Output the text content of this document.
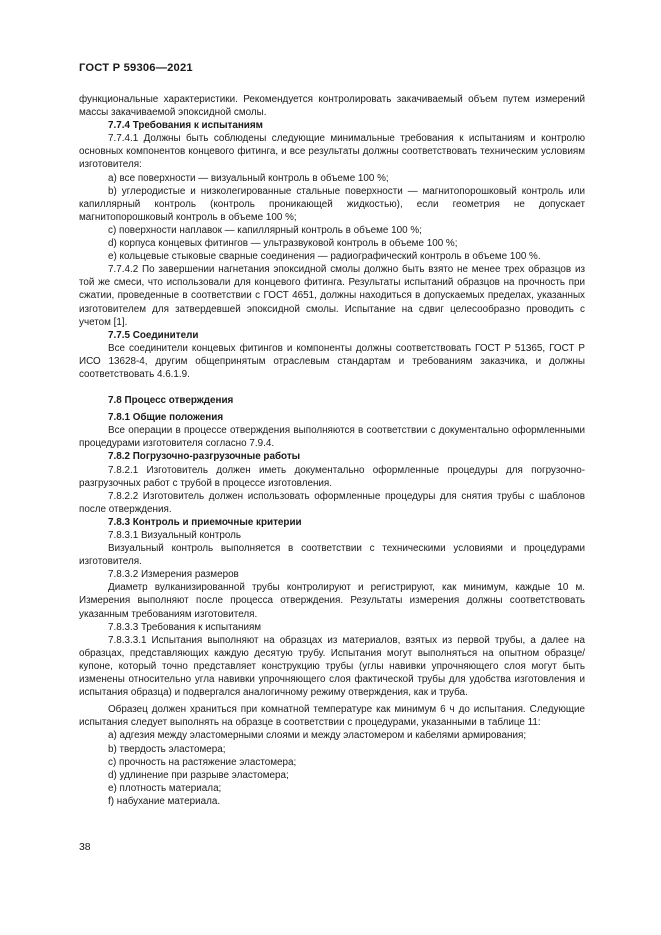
ГОСТ Р 59306—2021
функциональные характеристики. Рекомендуется контролировать закачиваемый объем путем измерений массы закачиваемой эпоксидной смолы.
7.7.4 Требования к испытаниям
7.7.4.1 Должны быть соблюдены следующие минимальные требования к испытаниям и контролю основных компонентов концевого фитинга, и все результаты должны соответствовать техническим условиям изготовителя:
а) все поверхности — визуальный контроль в объеме 100 %;
b) углеродистые и низколегированные стальные поверхности — магнитопорошковый контроль или капиллярный контроль (контроль проникающей жидкостью), если геометрия не допускает магнитопорошковый контроль в объеме 100 %;
c) поверхности наплавок — капиллярный контроль в объеме 100 %;
d) корпуса концевых фитингов — ультразвуковой контроль в объеме 100 %;
e) кольцевые стыковые сварные соединения — радиографический контроль в объеме 100 %.
7.7.4.2 По завершении нагнетания эпоксидной смолы должно быть взято не менее трех образцов из той же смеси, что использовали для концевого фитинга. Результаты испытаний образцов на прочность при сжатии, проведенные в соответствии с ГОСТ 4651, должны находиться в допускаемых пределах, указанных изготовителем для затвердевшей эпоксидной смолы. Испытание на сдвиг целесообразно проводить с учетом [1].
7.7.5 Соединители
Все соединители концевых фитингов и компоненты должны соответствовать ГОСТ Р 51365, ГОСТ Р ИСО 13628-4, другим общепринятым отраслевым стандартам и требованиям заказчика, и должны соответствовать 4.6.1.9.
7.8 Процесс отверждения
7.8.1 Общие положения
Все операции в процессе отверждения выполняются в соответствии с документально оформленными процедурами изготовителя согласно 7.9.4.
7.8.2 Погрузочно-разгрузочные работы
7.8.2.1 Изготовитель должен иметь документально оформленные процедуры для погрузочно-разгрузочных работ с трубой в процессе изготовления.
7.8.2.2 Изготовитель должен использовать оформленные процедуры для снятия трубы с шаблонов после отверждения.
7.8.3 Контроль и приемочные критерии
7.8.3.1 Визуальный контроль
Визуальный контроль выполняется в соответствии с техническими условиями и процедурами изготовителя.
7.8.3.2 Измерения размеров
Диаметр вулканизированной трубы контролируют и регистрируют, как минимум, каждые 10 м. Измерения выполняют после процесса отверждения. Результаты измерения должны соответствовать указанным требованиям изготовителя.
7.8.3.3 Требования к испытаниям
7.8.3.3.1 Испытания выполняют на образцах из материалов, взятых из первой трубы, а далее на образцах, представляющих каждую десятую трубу. Испытания могут выполняться на опытном образце/купоне, который точно представляет конструкцию трубы (углы навивки упрочняющего слоя могут быть изменены относительно угла навивки упрочняющего слоя фактической трубы для удобства изготовления и испытания образца) и подвергался аналогичному режиму отверждения, как и труба.
Образец должен храниться при комнатной температуре как минимум 6 ч до испытания. Следующие испытания следует выполнять на образце в соответствии с процедурами, указанными в таблице 11:
a) адгезия между эластомерными слоями и между эластомером и кабелями армирования;
b) твердость эластомера;
c) прочность на растяжение эластомера;
d) удлинение при разрыве эластомера;
e) плотность материала;
f) набухание материала.
38
